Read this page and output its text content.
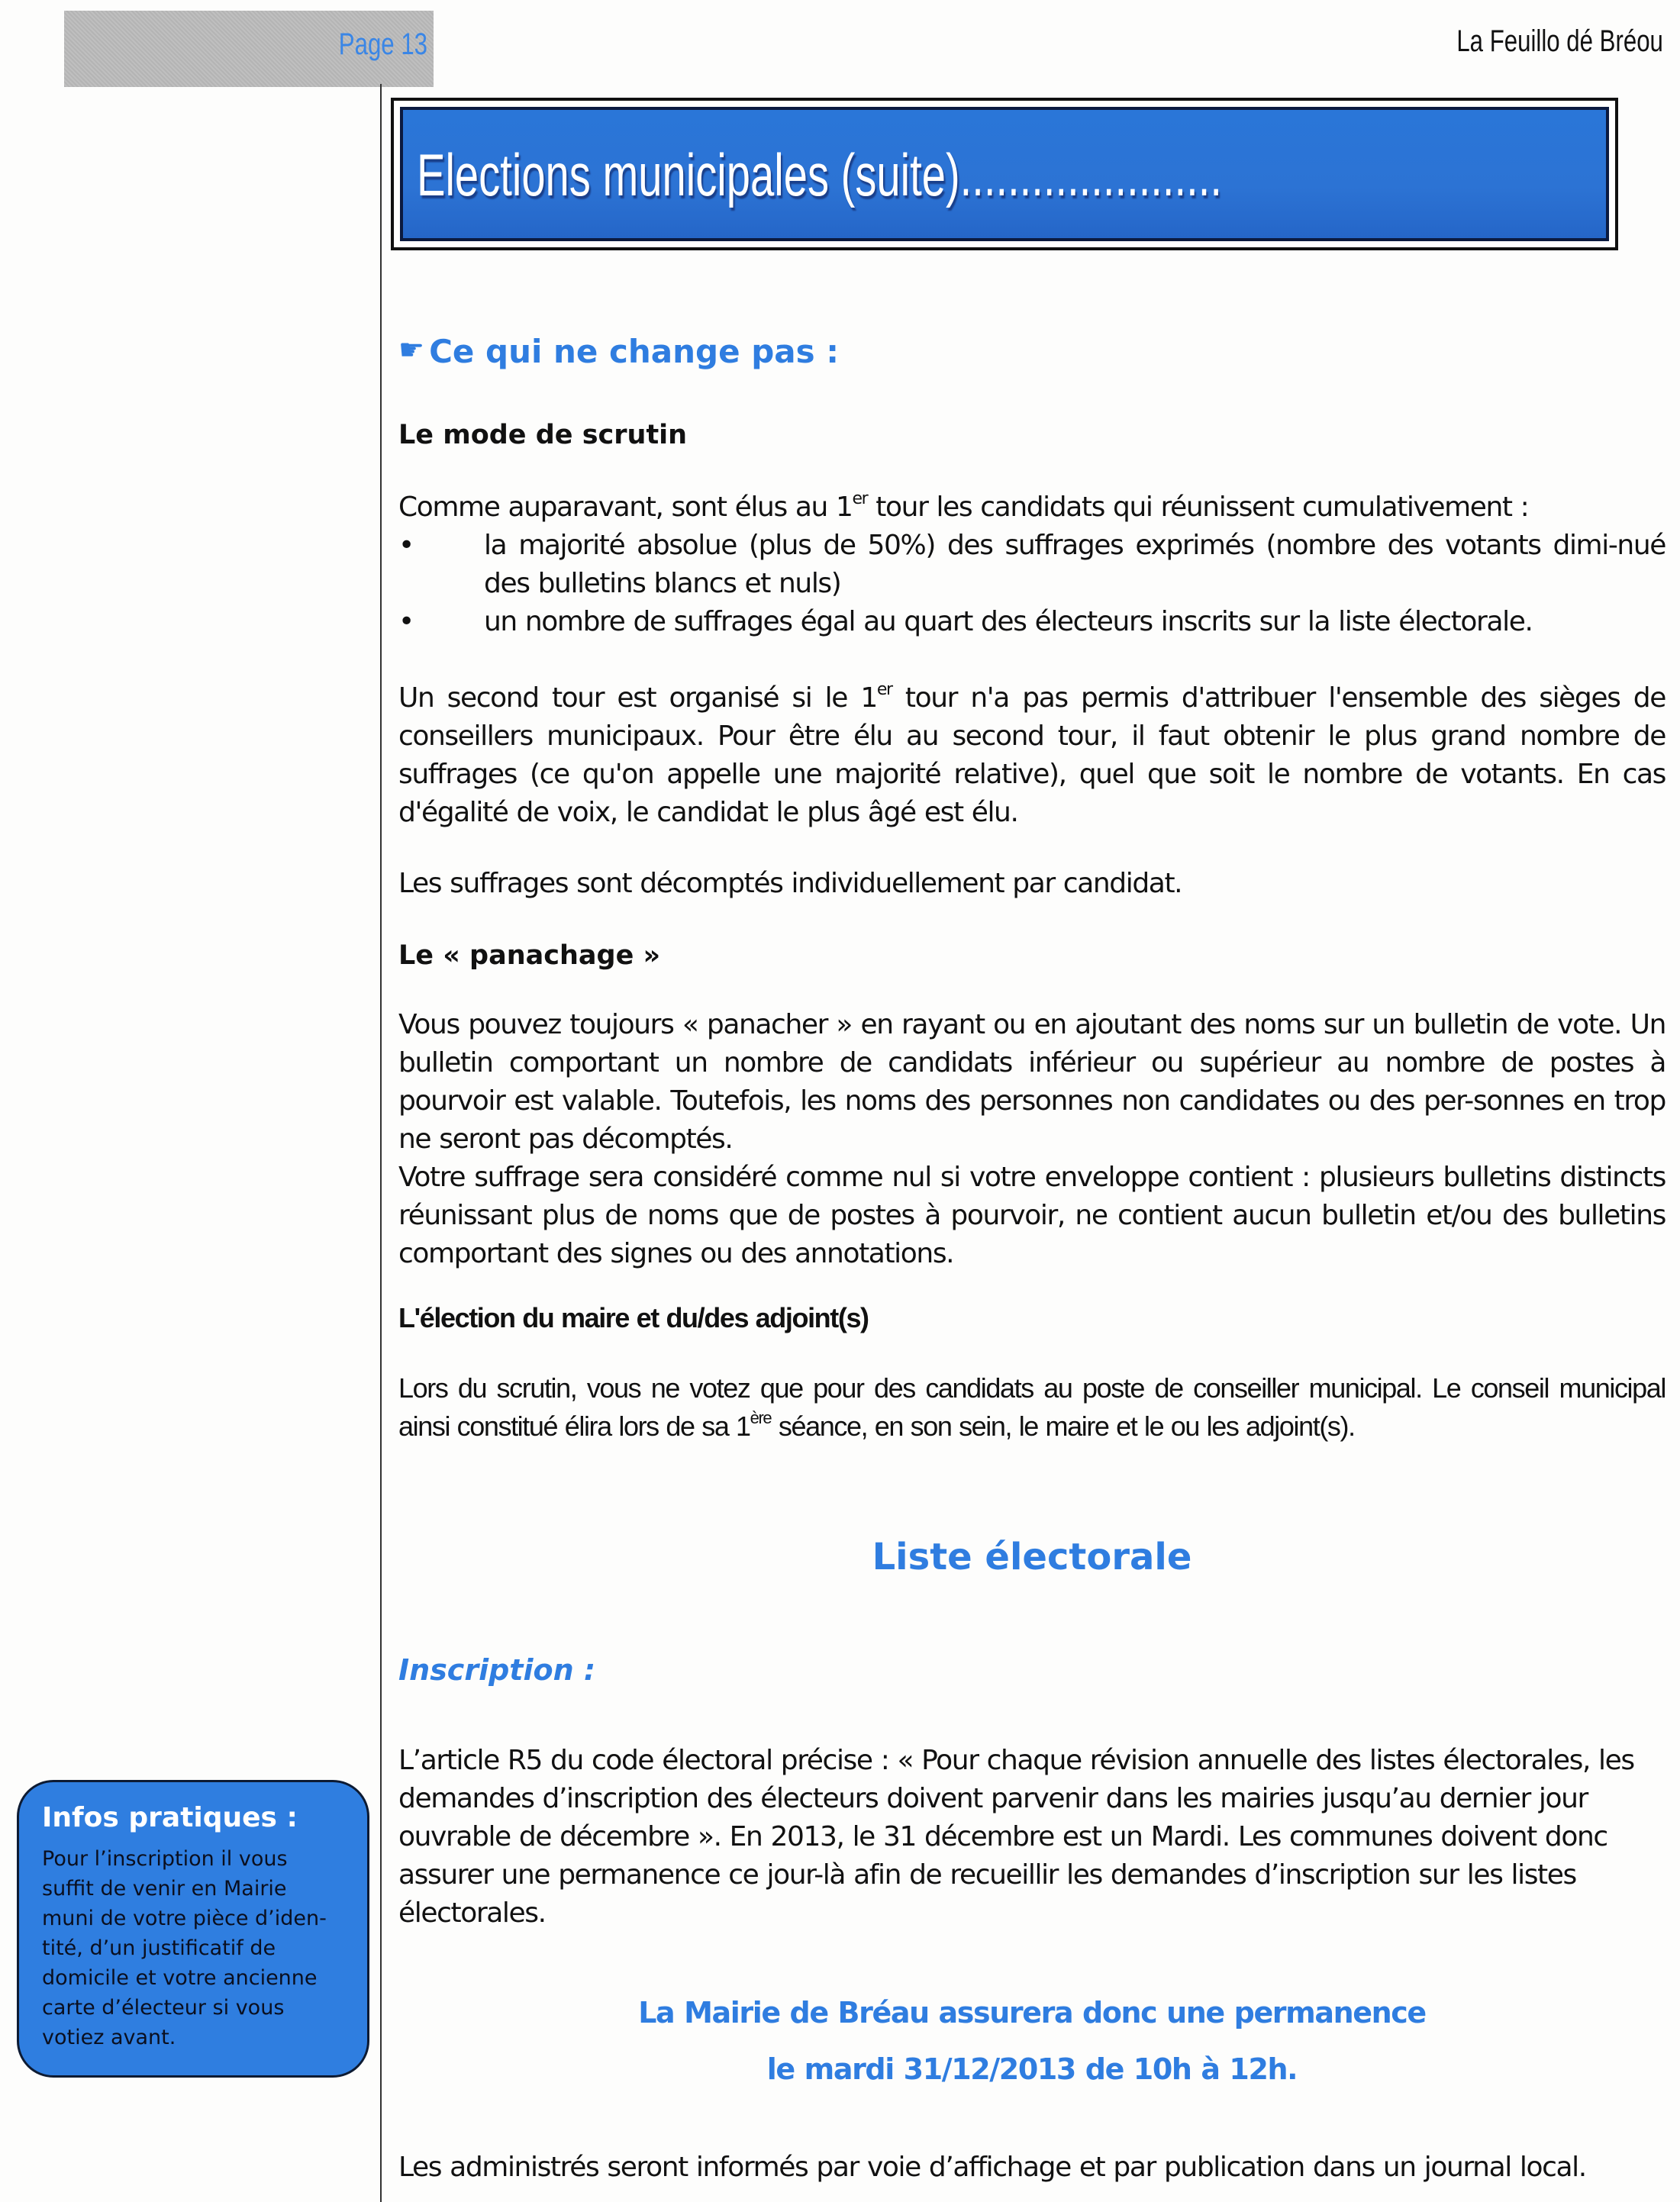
Page 13	La Feuillo dé Bréou
Elections municipales (suite)......................
☛ Ce qui ne change pas :
Le mode de scrutin

Comme auparavant, sont élus au 1er tour les candidats qui réunissent cumulativement :

• la majorité absolue (plus de 50%) des suffrages exprimés (nombre des votants dimi-nué des bulletins blancs et nuls)
• un nombre de suffrages égal au quart des électeurs inscrits sur la liste électorale.

Un second tour est organisé si le 1er tour n'a pas permis d'attribuer l'ensemble des sièges de conseillers municipaux. Pour être élu au second tour, il faut obtenir le plus grand nombre de suffrages (ce qu'on appelle une majorité relative), quel que soit le nombre de votants. En cas d'égalité de voix, le candidat le plus âgé est élu.

Les suffrages sont décomptés individuellement par candidat.
Le « panachage »

Vous pouvez toujours « panacher » en rayant ou en ajoutant des noms sur un bulletin de vote. Un bulletin comportant un nombre de candidats inférieur ou supérieur au nombre de postes à pourvoir est valable. Toutefois, les noms des personnes non candidates ou des per-sonnes en trop ne seront pas décomptés.

Votre suffrage sera considéré comme nul si votre enveloppe contient : plusieurs bulletins distincts réunissant plus de noms que de postes à pourvoir, ne contient aucun bulletin et/ou des bulletins comportant des signes ou des annotations.

L'élection du maire et du/des adjoint(s)

Lors du scrutin, vous ne votez que pour des candidats au poste de conseiller municipal. Le conseil municipal ainsi constitué élira lors de sa 1ère séance, en son sein, le maire et le ou les adjoint(s).

Liste électorale
Inscription :
L’article R5 du code électoral précise : « Pour chaque révision annuelle des listes électorales, les demandes d’inscription des électeurs doivent parvenir dans les mairies jusqu’au dernier jour ouvrable de décembre ». En 2013, le 31 décembre est un Mardi. Les communes doivent donc assurer une permanence ce jour-là afin de recueillir les demandes d’inscription sur les listes électorales.
La Mairie de Bréau assurera donc une permanence
le mardi 31/12/2013 de 10h à 12h.
Les administrés seront informés par voie d’affichage et par publication dans un journal local.
Infos pratiques :
Pour l’inscription il vous
suffit de venir en Mairie
muni de votre pièce d’iden-
tité, d’un justificatif de
domicile et votre ancienne
carte d’électeur si vous
votiez avant.
